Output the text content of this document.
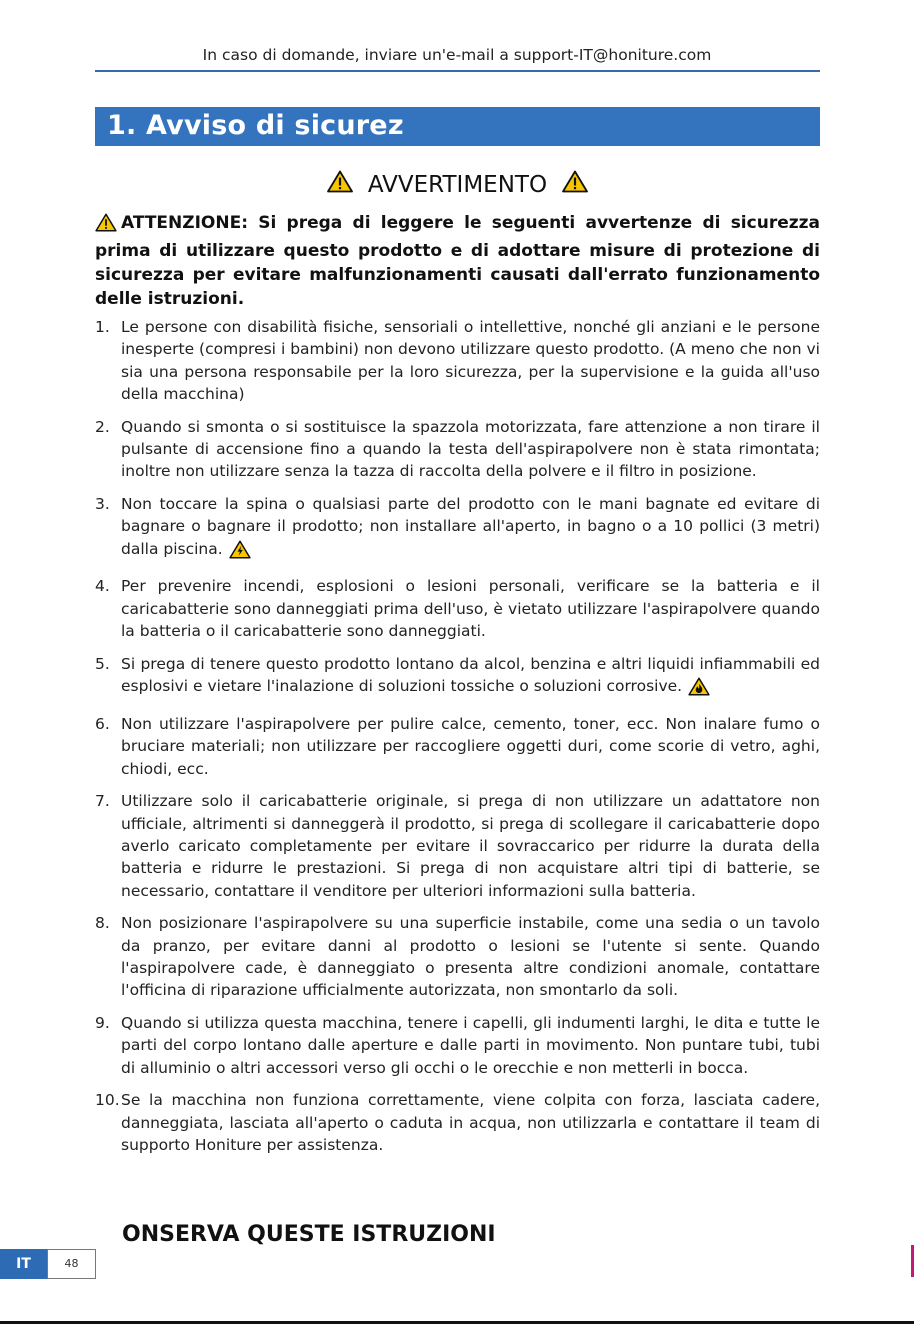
In caso di domande, inviare un'e-mail a support-IT@honiture.com
1. Avviso di sicurez
AVVERTIMENTO
ATTENZIONE: Si prega di leggere le seguenti avvertenze di sicurezza prima di utilizzare questo prodotto e di adottare misure di protezione di sicurezza per evitare malfunzionamenti causati dall'errato funzionamento delle istruzioni.
1. Le persone con disabilità fisiche, sensoriali o intellettive, nonché gli anziani e le persone inesperte (compresi i bambini) non devono utilizzare questo prodotto. (A meno che non vi sia una persona responsabile per la loro sicurezza, per la supervisione e la guida all'uso della macchina)
2. Quando si smonta o si sostituisce la spazzola motorizzata, fare attenzione a non tirare il pulsante di accensione fino a quando la testa dell'aspirapolvere non è stata rimontata; inoltre non utilizzare senza la tazza di raccolta della polvere e il filtro in posizione.
3. Non toccare la spina o qualsiasi parte del prodotto con le mani bagnate ed evitare di bagnare o bagnare il prodotto; non installare all'aperto, in bagno o a 10 pollici (3 metri) dalla piscina.
4. Per prevenire incendi, esplosioni o lesioni personali, verificare se la batteria e il caricabatterie sono danneggiati prima dell'uso, è vietato utilizzare l'aspirapolvere quando la batteria o il caricabatterie sono danneggiati.
5. Si prega di tenere questo prodotto lontano da alcol, benzina e altri liquidi infiammabili ed esplosivi e vietare l'inalazione di soluzioni tossiche o soluzioni corrosive.
6. Non utilizzare l'aspirapolvere per pulire calce, cemento, toner, ecc. Non inalare fumo o bruciare materiali; non utilizzare per raccogliere oggetti duri, come scorie di vetro, aghi, chiodi, ecc.
7. Utilizzare solo il caricabatterie originale, si prega di non utilizzare un adattatore non ufficiale, altrimenti si danneggerà il prodotto, si prega di scollegare il caricabatterie dopo averlo caricato completamente per evitare il sovraccarico per ridurre la durata della batteria e ridurre le prestazioni. Si prega di non acquistare altri tipi di batterie, se necessario, contattare il venditore per ulteriori informazioni sulla batteria.
8. Non posizionare l'aspirapolvere su una superficie instabile, come una sedia o un tavolo da pranzo, per evitare danni al prodotto o lesioni se l'utente si sente. Quando l'aspirapolvere cade, è danneggiato o presenta altre condizioni anomale, contattare l'officina di riparazione ufficialmente autorizzata, non smontarlo da soli.
9. Quando si utilizza questa macchina, tenere i capelli, gli indumenti larghi, le dita e tutte le parti del corpo lontano dalle aperture e dalle parti in movimento. Non puntare tubi, tubi di alluminio o altri accessori verso gli occhi o le orecchie e non metterli in bocca.
10. Se la macchina non funziona correttamente, viene colpita con forza, lasciata cadere, danneggiata, lasciata all'aperto o caduta in acqua, non utilizzarla e contattare il team di supporto Honiture per assistenza.
ONSERVA QUESTE ISTRUZIONI
IT	48
